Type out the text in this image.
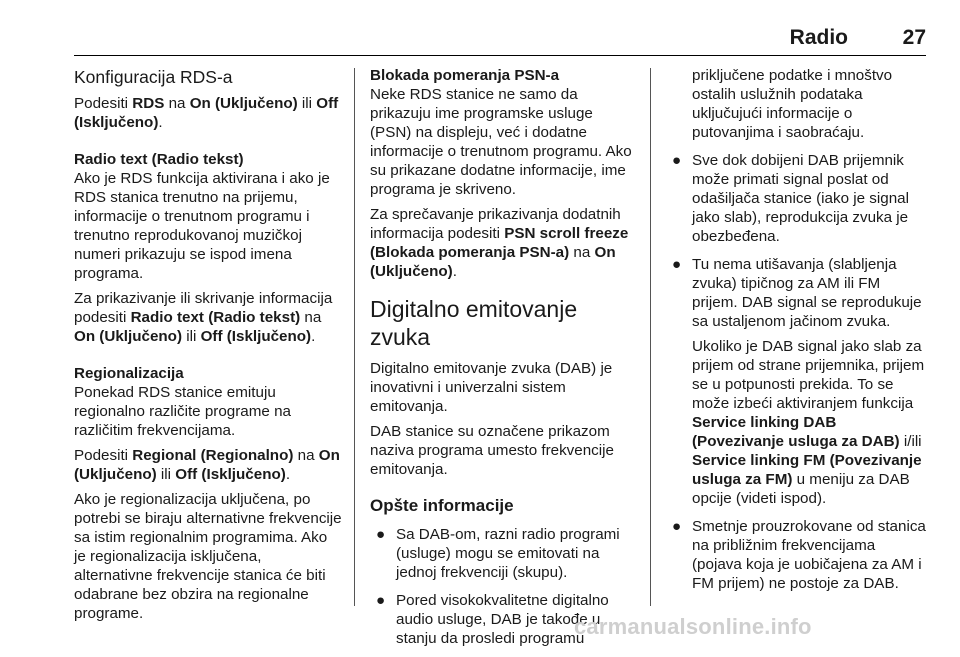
Radio	27
Konfiguracija RDS-a

Podesiti RDS na On (Uključeno) ili Off (Isključeno).

Radio text (Radio tekst)

Ako je RDS funkcija aktivirana i ako je RDS stanica trenutno na prijemu, informacije o trenutnom programu i trenutno reprodukovanoj muzičkoj numeri prikazuju se ispod imena programa.

Za prikazivanje ili skrivanje informacija podesiti Radio text (Radio tekst) na On (Uključeno) ili Off (Isključeno).

Regionalizacija

Ponekad RDS stanice emituju regionalno različite programe na različitim frekvencijama.

Podesiti Regional (Regionalno) na On (Uključeno) ili Off (Isključeno).

Ako je regionalizacija uključena, po potrebi se biraju alternativne frekvencije sa istim regionalnim programima. Ako je regionalizacija isključena, alternativne frekvencije stanica će biti odabrane bez obzira na regionalne programe.

Blokada pomeranja PSN-a

Neke RDS stanice ne samo da prikazuju ime programske usluge (PSN) na displeju, već i dodatne informacije o trenutnom programu. Ako su prikazane dodatne informacije, ime programa je skriveno.

Za sprečavanje prikazivanja dodatnih informacija podesiti PSN scroll freeze (Blokada pomeranja PSN-a) na On (Uključeno).

Digitalno emitovanje zvuka

Digitalno emitovanje zvuka (DAB) je inovativni i univerzalni sistem emitovanja.

DAB stanice su označene prikazom naziva programa umesto frekvencije emitovanja.

Opšte informacije
● Sa DAB-om, razni radio programi (usluge) mogu se emitovati na jednoj frekvenciji (skupu).
● Pored visokokvalitetne digitalno audio usluge, DAB je takođe u stanju da prosledi programu
priključene podatke i mnoštvo ostalih uslužnih podataka uključujući informacije o putovanjima i saobraćaju.
● Sve dok dobijeni DAB prijemnik može primati signal poslat od odašiljača stanice (iako je signal jako slab), reprodukcija zvuka je obezbeđena.
● Tu nema utišavanja (slabljenja zvuka) tipičnog za AM ili FM prijem. DAB signal se reprodukuje sa ustaljenom jačinom zvuka.

Ukoliko je DAB signal jako slab za prijem od strane prijemnika, prijem se u potpunosti prekida. To se može izbeći aktiviranjem funkcija Service linking DAB (Povezivanje usluga za DAB) i/ili Service linking FM (Povezivanje usluga za FM) u meniju za DAB opcije (videti ispod).

● Smetnje prouzrokovane od stanica na približnim frekvencijama (pojava koja je uobičajena za AM i FM prijem) ne postoje za DAB.
carmanualsonline.info
